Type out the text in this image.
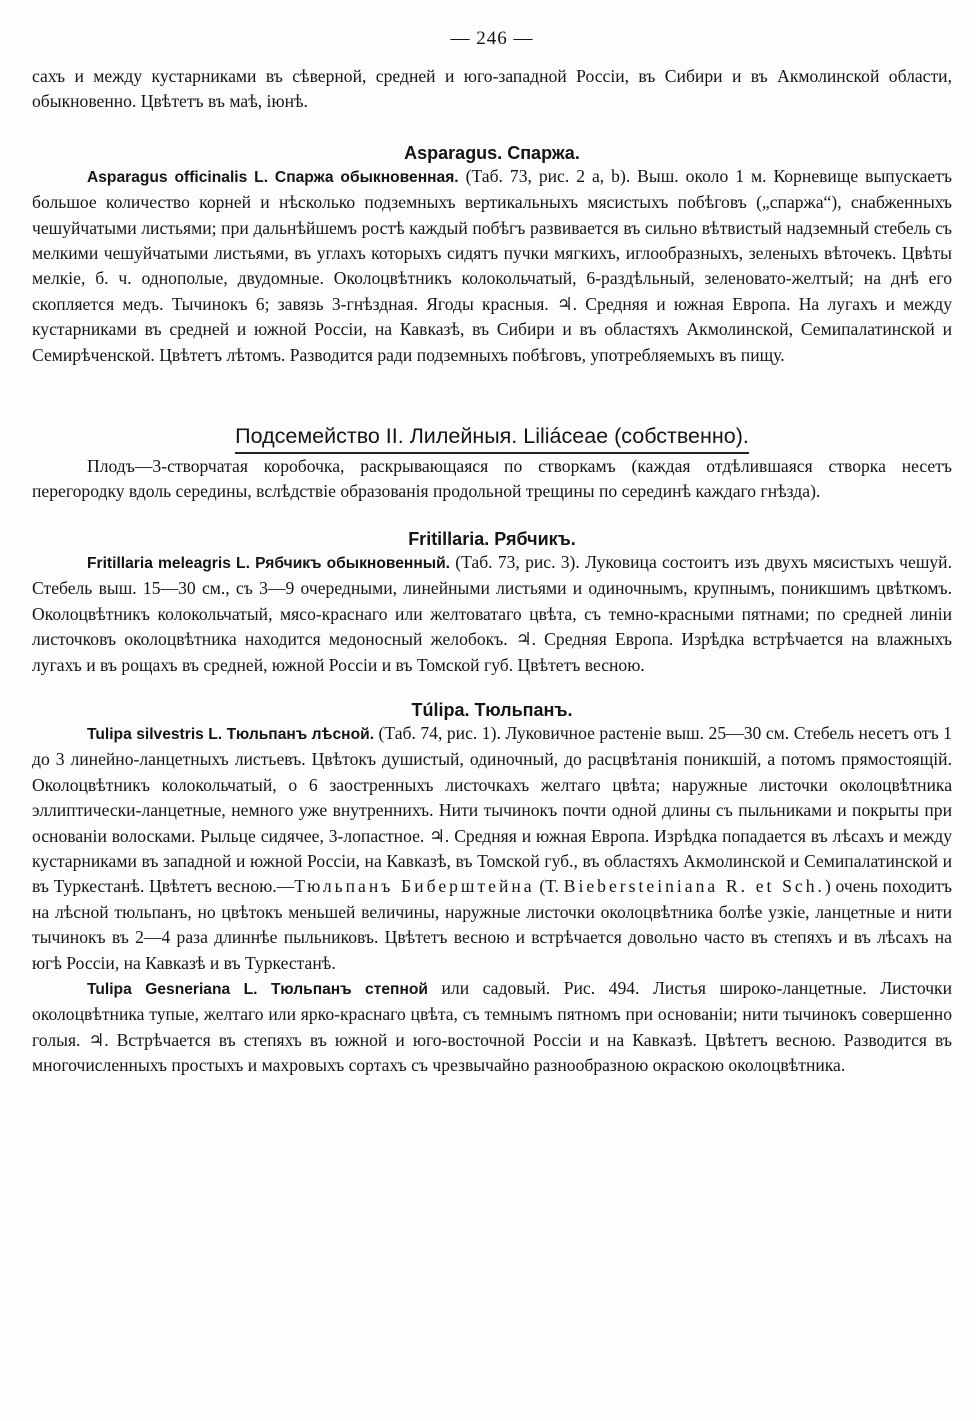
— 246 —

сахъ и между кустарниками въ сѣверной, средней и юго-западной Россіи, въ Сибири и въ Акмолинской области, обыкновенно. Цвѣтетъ въ маѣ, іюнѣ.

Asparagus. Спаржа.

Asparagus officinalis L. Спаржа обыкновенная. (Таб. 73, рис. 2 a, b). Выш. около 1 м. Корневище выпускаетъ большое количество корней и нѣсколько подземныхъ вертикальныхъ мясистыхъ побѣговъ („спаржа“), снабженныхъ чешуйчатыми листьями; при дальнѣйшемъ ростѣ каждый побѣгъ развивается въ сильно вѣтвистый надземный стебель съ мелкими чешуйчатыми листьями, въ углахъ которыхъ сидятъ пучки мягкихъ, иглообразныхъ, зеленыхъ вѣточекъ. Цвѣты мелкіе, б. ч. однополые, двудомные. Околоцвѣтникъ колокольчатый, 6-раздѣльный, зеленовато-желтый; на днѣ его скопляется медъ. Тычинокъ 6; завязь 3-гнѣздная. Ягоды красныя. ♃. Средняя и южная Европа. На лугахъ и между кустарниками въ средней и южной Россіи, на Кавказѣ, въ Сибири и въ областяхъ Акмолинской, Семипалатинской и Семирѣченской. Цвѣтетъ лѣтомъ. Разводится ради подземныхъ побѣговъ, употребляемыхъ въ пищу.

Подсемейство II. Лилейныя. Liliáceae (собственно).

Плодъ—3-створчатая коробочка, раскрывающаяся по створкамъ (каждая отдѣлившаяся створка несетъ перегородку вдоль середины, вслѣдствіе образованія продольной трещины по серединѣ каждаго гнѣзда).

Fritillaria. Рябчикъ.

Fritillaria meleagris L. Рябчикъ обыкновенный. (Таб. 73, рис. 3). Луковица состоитъ изъ двухъ мясистыхъ чешуй. Стебель выш. 15—30 см., съ 3—9 очередными, линейными листьями и одиночнымъ, крупнымъ, поникшимъ цвѣткомъ. Околоцвѣтникъ колокольчатый, мясо-краснаго или желтоватаго цвѣта, съ темно-красными пятнами; по средней линіи листочковъ околоцвѣтника находится медоносный желобокъ. ♃. Средняя Европа. Изрѣдка встрѣчается на влажныхъ лугахъ и въ рощахъ въ средней, южной Россіи и въ Томской губ. Цвѣтетъ весною.

Túlipa. Тюльпанъ.

Tulipa silvestris L. Тюльпанъ лѣсной. (Таб. 74, рис. 1). Луковичное растеніе выш. 25—30 см. Стебель несетъ отъ 1 до 3 линейно-ланцетныхъ листьевъ. Цвѣтокъ душистый, одиночный, до расцвѣтанія поникшій, а потомъ прямостоящій. Околоцвѣтникъ колокольчатый, о 6 заостренныхъ листочкахъ желтаго цвѣта; наружные листочки околоцвѣтника эллиптически-ланцетные, немного уже внутреннихъ. Нити тычинокъ почти одной длины съ пыльниками и покрыты при основаніи волосками. Рыльце сидячее, 3-лопастное. ♃. Средняя и южная Европа. Изрѣдка попадается въ лѣсахъ и между кустарниками въ западной и южной Россіи, на Кавказѣ, въ Томской губ., въ областяхъ Акмолинской и Семипалатинской и въ Туркестанѣ. Цвѣтетъ весною.—Тюльпанъ Биберштейна (T. Biebersteiniana R. et Sch.) очень походитъ на лѣсной тюльпанъ, но цвѣтокъ меньшей величины, наружные листочки околоцвѣтника болѣе узкіе, ланцетные и нити тычинокъ въ 2—4 раза длиннѣе пыльниковъ. Цвѣтетъ весною и встрѣчается довольно часто въ степяхъ и въ лѣсахъ на югѣ Россіи, на Кавказѣ и въ Туркестанѣ.

Tulipa Gesneriana L. Тюльпанъ степной или садовый. Рис. 494. Листья широко-ланцетные. Листочки околоцвѣтника тупые, желтаго или ярко-краснаго цвѣта, съ темнымъ пятномъ при основаніи; нити тычинокъ совершенно голыя. ♃. Встрѣчается въ степяхъ въ южной и юго-восточной Россіи и на Кавказѣ. Цвѣтетъ весною. Разводится въ многочисленныхъ простыхъ и махровыхъ сортахъ съ чрезвычайно разнообразною окраскою околоцвѣтника.
